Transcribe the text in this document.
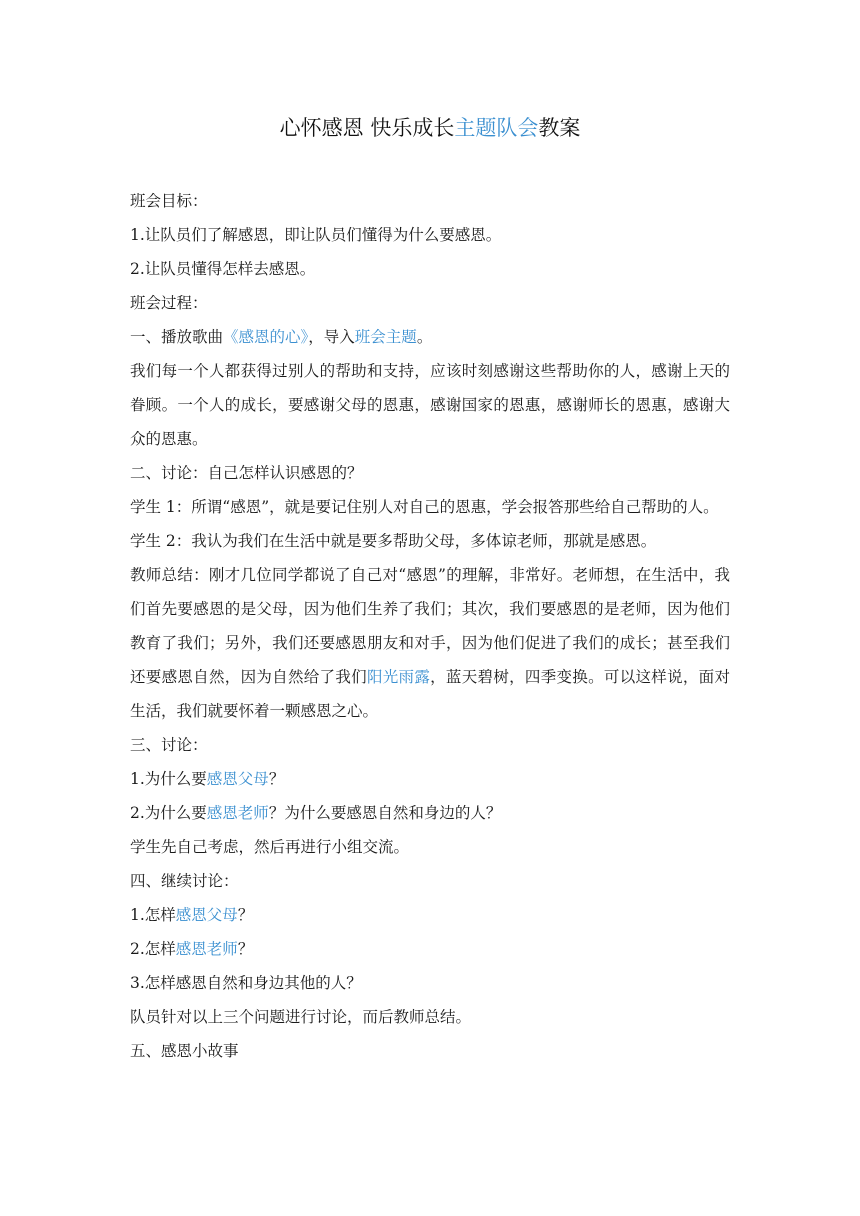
心怀感恩 快乐成长主题队会教案

班会目标：

1.让队员们了解感恩，即让队员们懂得为什么要感恩。

2.让队员懂得怎样去感恩。

班会过程：

一、播放歌曲《感恩的心》，导入班会主题。

我们每一个人都获得过别人的帮助和支持，应该时刻感谢这些帮助你的人，感谢上天的眷顾。一个人的成长，要感谢父母的恩惠，感谢国家的恩惠，感谢师长的恩惠，感谢大众的恩惠。

二、讨论：自己怎样认识感恩的？

学生 1：所谓“感恩”，就是要记住别人对自己的恩惠，学会报答那些给自己帮助的人。

学生 2：我认为我们在生活中就是要多帮助父母，多体谅老师，那就是感恩。

教师总结：刚才几位同学都说了自己对“感恩”的理解，非常好。老师想，在生活中，我们首先要感恩的是父母，因为他们生养了我们；其次，我们要感恩的是老师，因为他们教育了我们；另外，我们还要感恩朋友和对手，因为他们促进了我们的成长；甚至我们还要感恩自然，因为自然给了我们阳光雨露，蓝天碧树，四季变换。可以这样说，面对生活，我们就要怀着一颗感恩之心。

三、讨论：

1.为什么要感恩父母？

2.为什么要感恩老师？为什么要感恩自然和身边的人？

学生先自己考虑，然后再进行小组交流。

四、继续讨论：

1.怎样感恩父母？

2.怎样感恩老师？

3.怎样感恩自然和身边其他的人？

队员针对以上三个问题进行讨论，而后教师总结。

五、感恩小故事
